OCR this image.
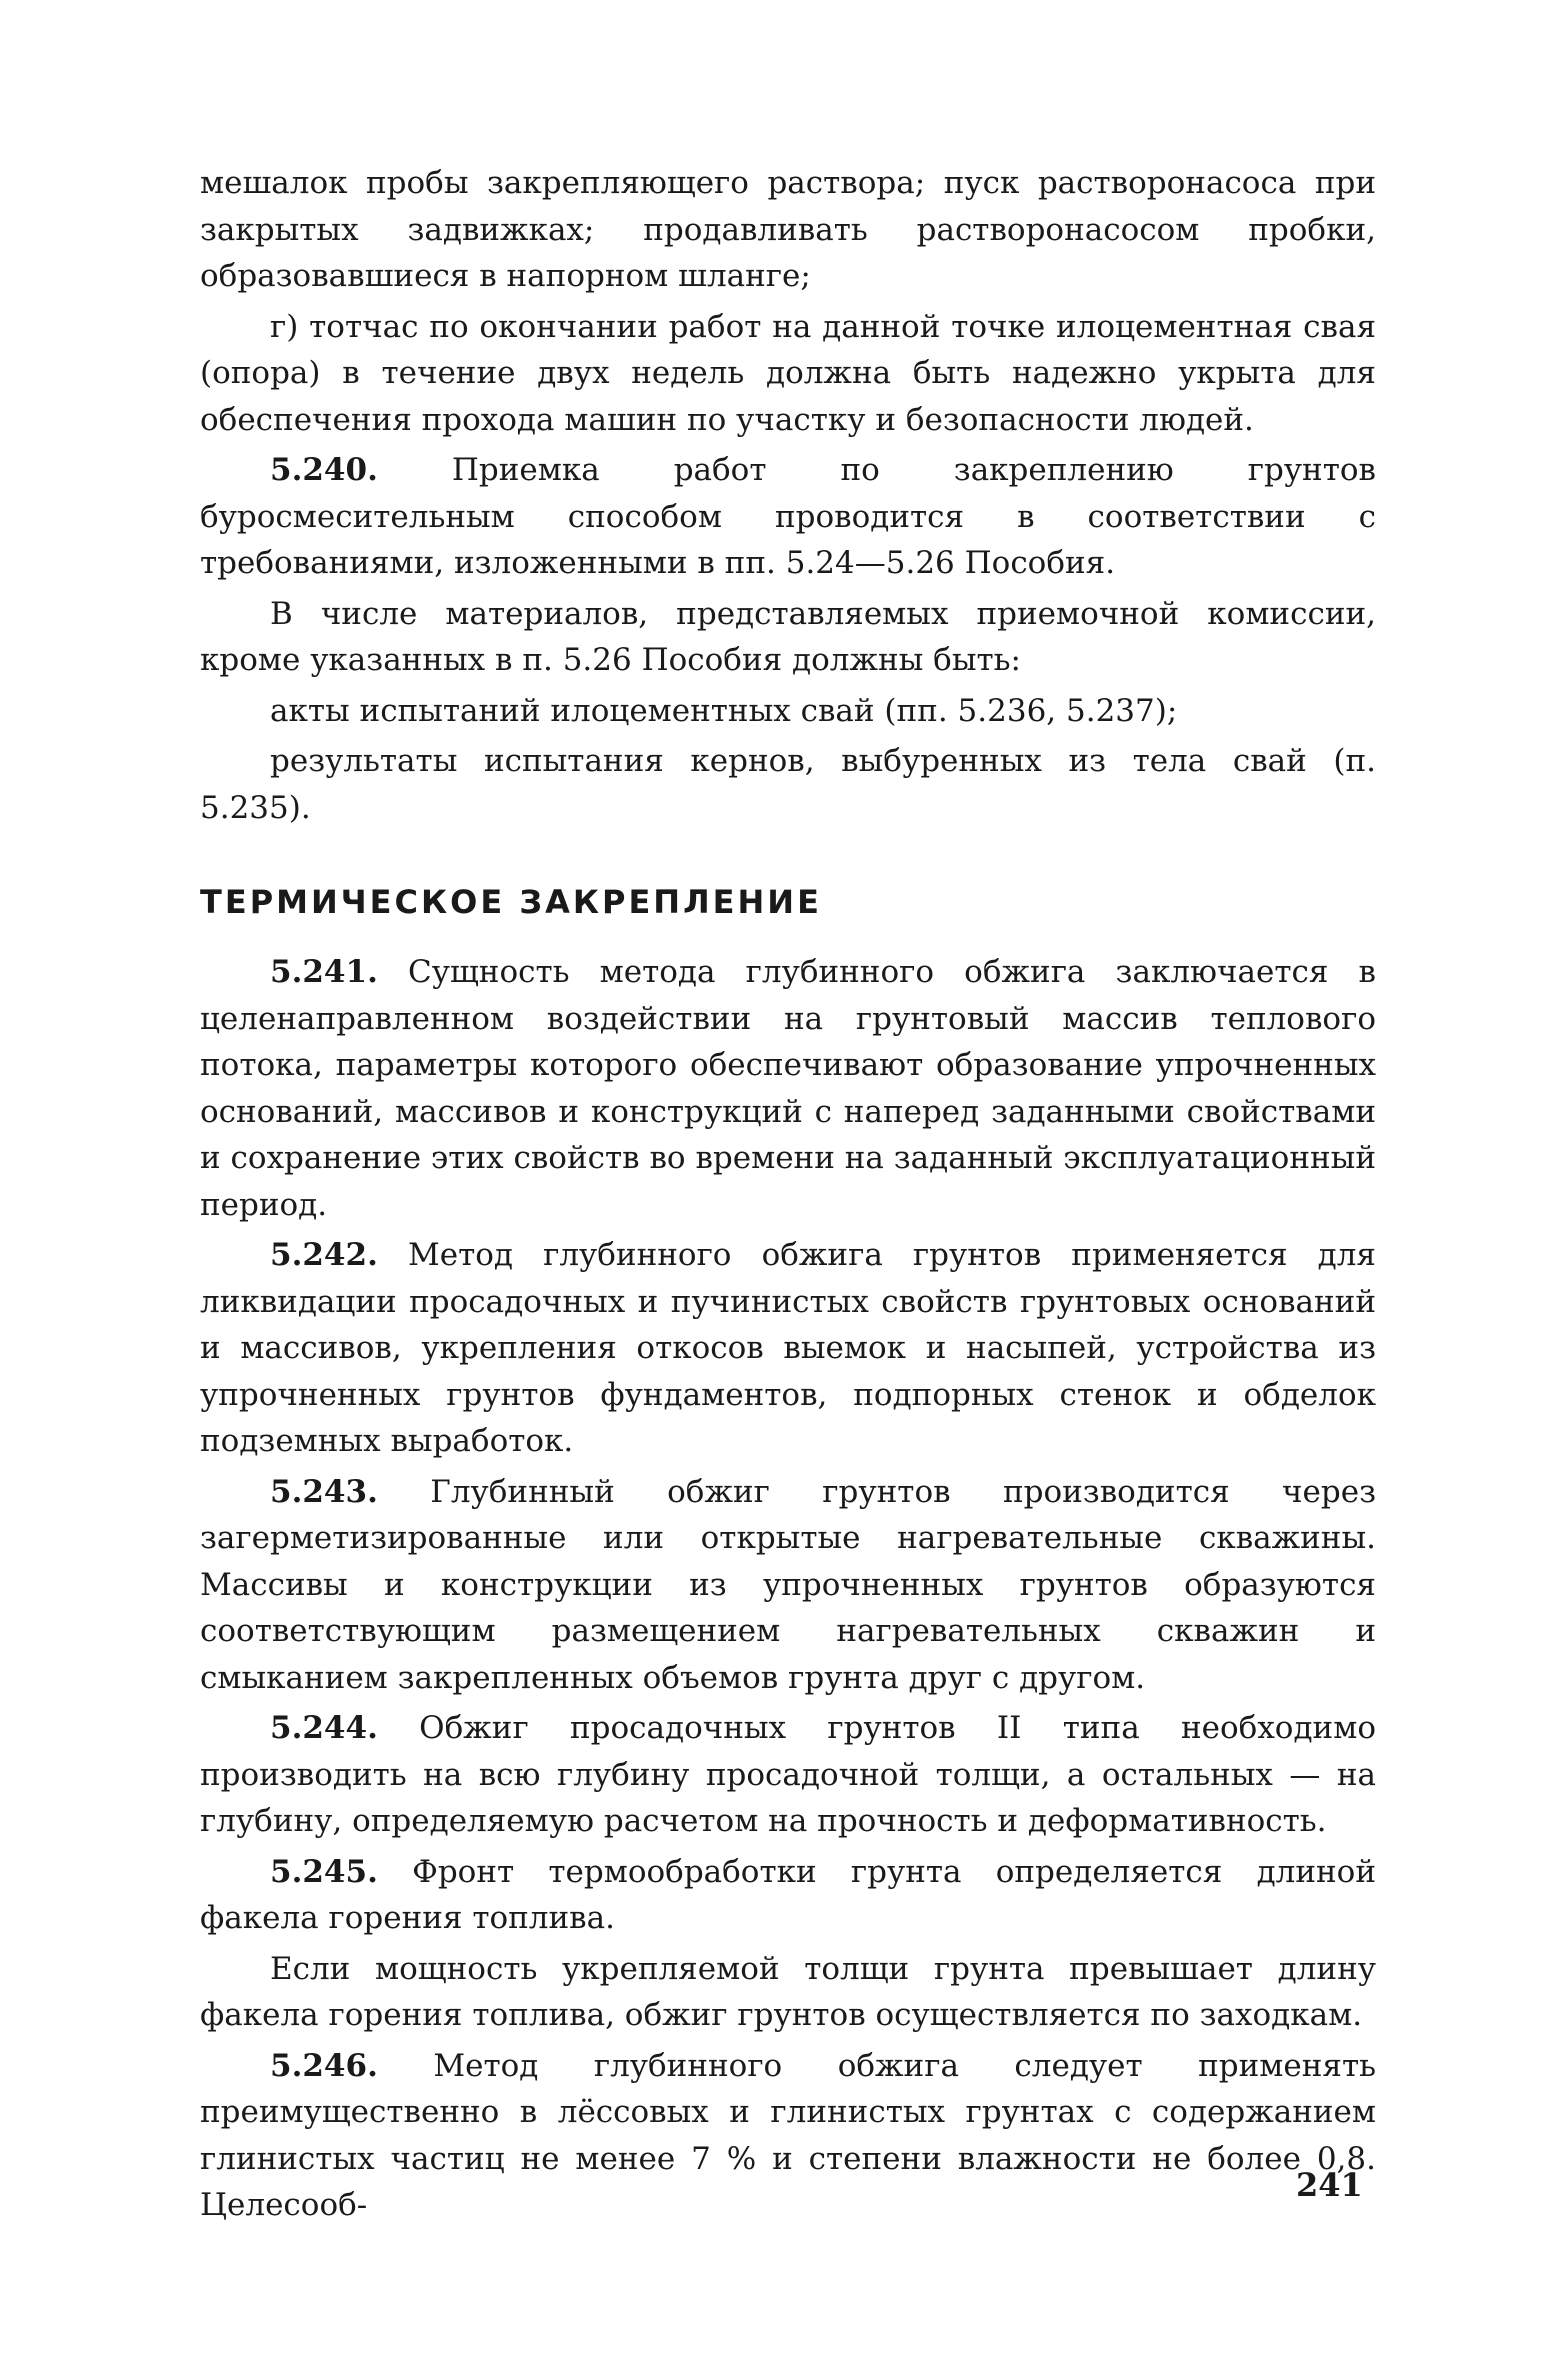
мешалок пробы закрепляющего раствора; пуск растворонасоса при закрытых задвижках; продавливать растворонасосом пробки, образовавшиеся в напорном шланге;

г) тотчас по окончании работ на данной точке илоцементная свая (опора) в течение двух недель должна быть надежно укрыта для обеспечения прохода машин по участку и безопасности людей.

5.240. Приемка работ по закреплению грунтов буросмесительным способом проводится в соответствии с требованиями, изложенными в пп. 5.24—5.26 Пособия.

В числе материалов, представляемых приемочной комиссии, кроме указанных в п. 5.26 Пособия должны быть:

акты испытаний илоцементных свай (пп. 5.236, 5.237);

результаты испытания кернов, выбуренных из тела свай (п. 5.235).

ТЕРМИЧЕСКОЕ ЗАКРЕПЛЕНИЕ

5.241. Сущность метода глубинного обжига заключается в целенаправленном воздействии на грунтовый массив теплового потока, параметры которого обеспечивают образование упрочненных оснований, массивов и конструкций с наперед заданными свойствами и сохранение этих свойств во времени на заданный эксплуатационный период.

5.242. Метод глубинного обжига грунтов применяется для ликвидации просадочных и пучинистых свойств грунтовых оснований и массивов, укрепления откосов выемок и насыпей, устройства из упрочненных грунтов фундаментов, подпорных стенок и обделок подземных выработок.

5.243. Глубинный обжиг грунтов производится через загерметизированные или открытые нагревательные скважины. Массивы и конструкции из упрочненных грунтов образуются соответствующим размещением нагревательных скважин и смыканием закрепленных объемов грунта друг с другом.

5.244. Обжиг просадочных грунтов II типа необходимо производить на всю глубину просадочной толщи, а остальных — на глубину, определяемую расчетом на прочность и деформативность.

5.245. Фронт термообработки грунта определяется длиной факела горения топлива.

Если мощность укрепляемой толщи грунта превышает длину факела горения топлива, обжиг грунтов осуществляется по заходкам.

5.246. Метод глубинного обжига следует применять преимущественно в лёссовых и глинистых грунтах с содержанием глинистых частиц не менее 7 % и степени влажности не более 0,8. Целесооб-

241
